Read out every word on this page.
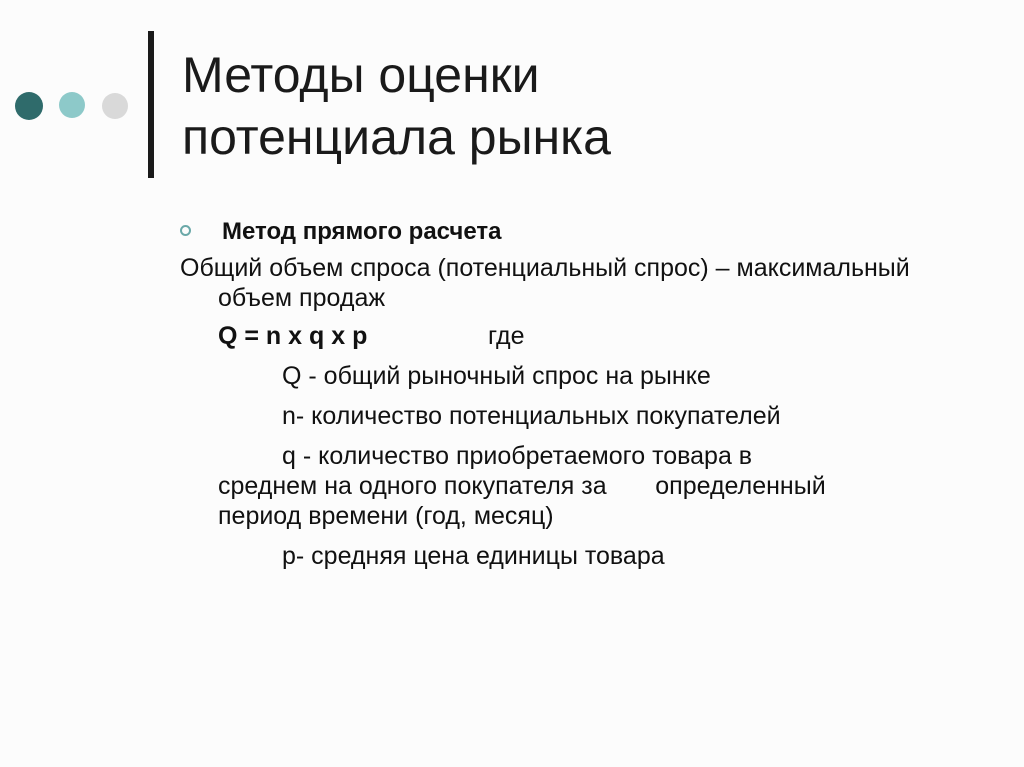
Методы оценки
потенциала рынка
Метод прямого расчета

Общий объем спроса (потенциальный спрос) – максимальный объем продаж

Q = n x q x p	где

Q - общий рыночный спрос на рынке

n- количество потенциальных покупателей

q - количество приобретаемого товара в
среднем на одного покупателя за       определенный
период времени (год, месяц)

p- средняя цена единицы товара
